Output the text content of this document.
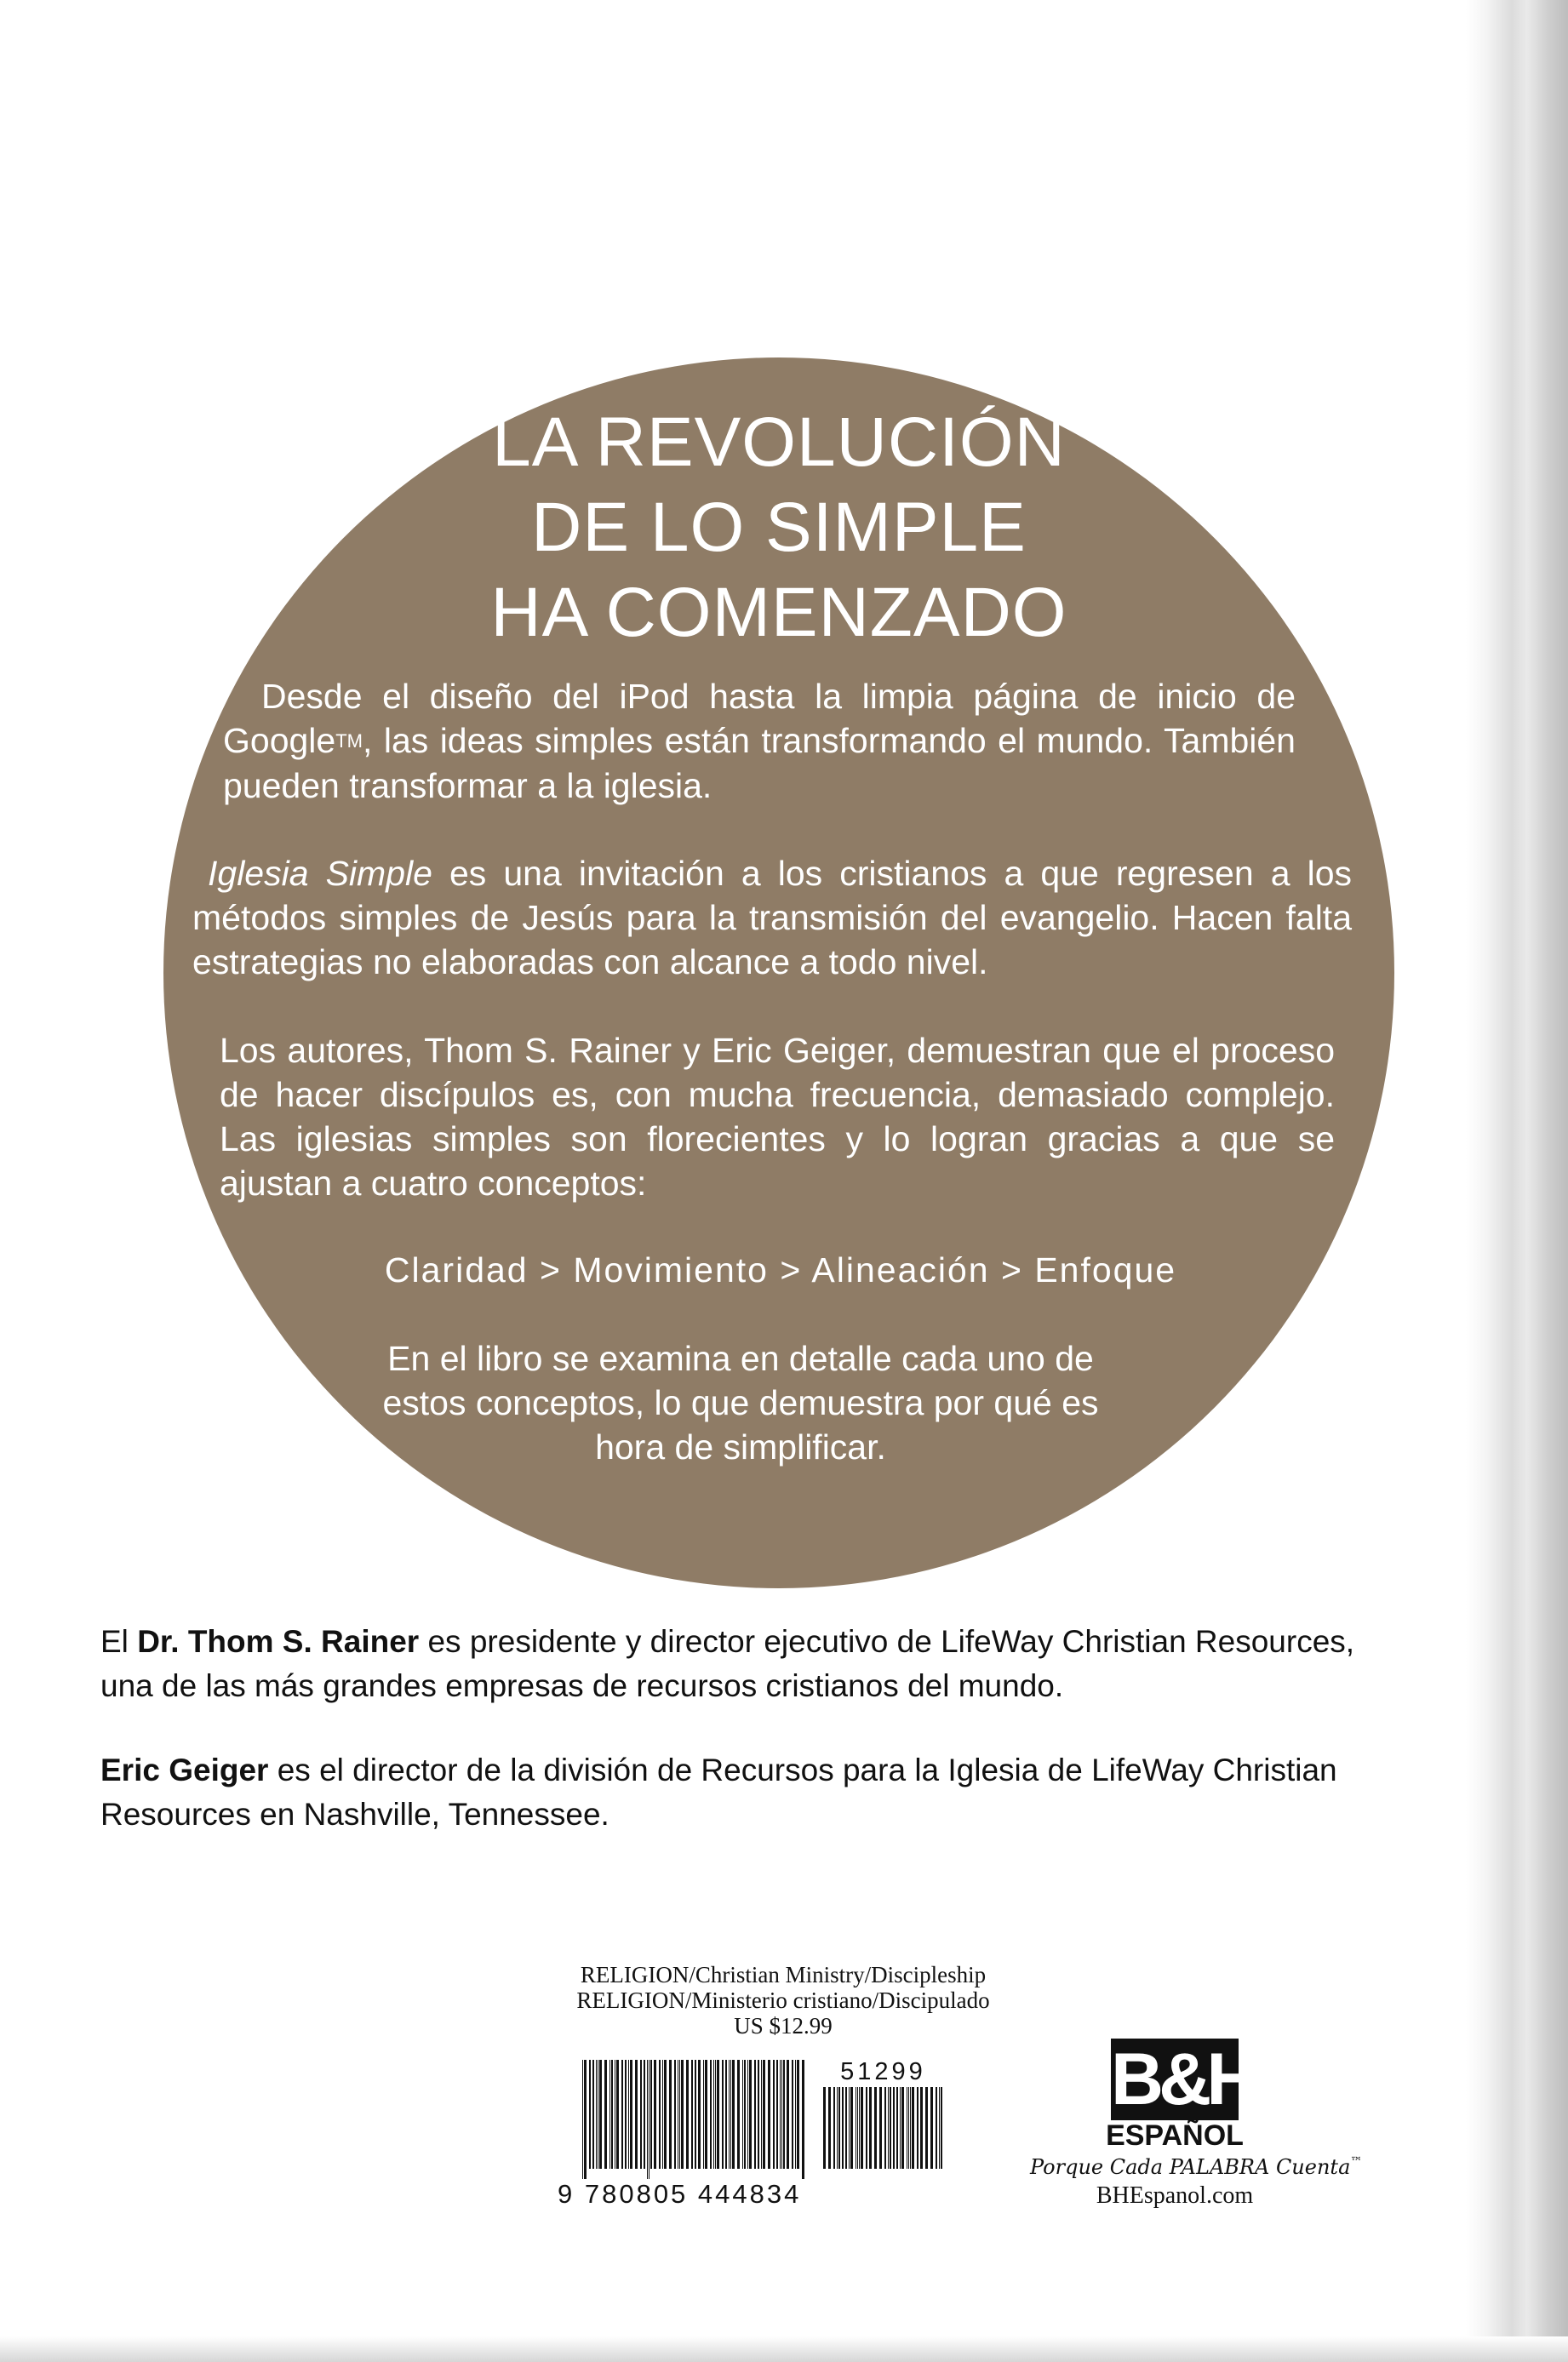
LA REVOLUCIÓN
DE LO SIMPLE
HA COMENZADO
Desde el diseño del iPod hasta la limpia página de inicio de Google™, las ideas simples están transformando el mundo. También pueden transformar a la iglesia.
Iglesia Simple es una invitación a los cristianos a que regresen a los métodos simples de Jesús para la transmisión del evangelio. Hacen falta estrategias no elaboradas con alcance a todo nivel.
Los autores, Thom S. Rainer y Eric Geiger, demuestran que el proceso de hacer discípulos es, con mucha frecuencia, demasiado complejo. Las iglesias simples son florecientes y lo logran gracias a que se ajustan a cuatro conceptos:
Claridad > Movimiento > Alineación > Enfoque
En el libro se examina en detalle cada uno de estos conceptos, lo que demuestra por qué es hora de simplificar.
El Dr. Thom S. Rainer es presidente y director ejecutivo de LifeWay Christian Resources, una de las más grandes empresas de recursos cristianos del mundo.
Eric Geiger es el director de la división de Recursos para la Iglesia de LifeWay Christian Resources en Nashville, Tennessee.
RELIGION/Christian Ministry/Discipleship
RELIGION/Ministerio cristiano/Discipulado
US $12.99
51299
9 780805 444834
B&H
ESPAÑOL
Porque Cada PALABRA Cuenta™
BHEspanol.com
